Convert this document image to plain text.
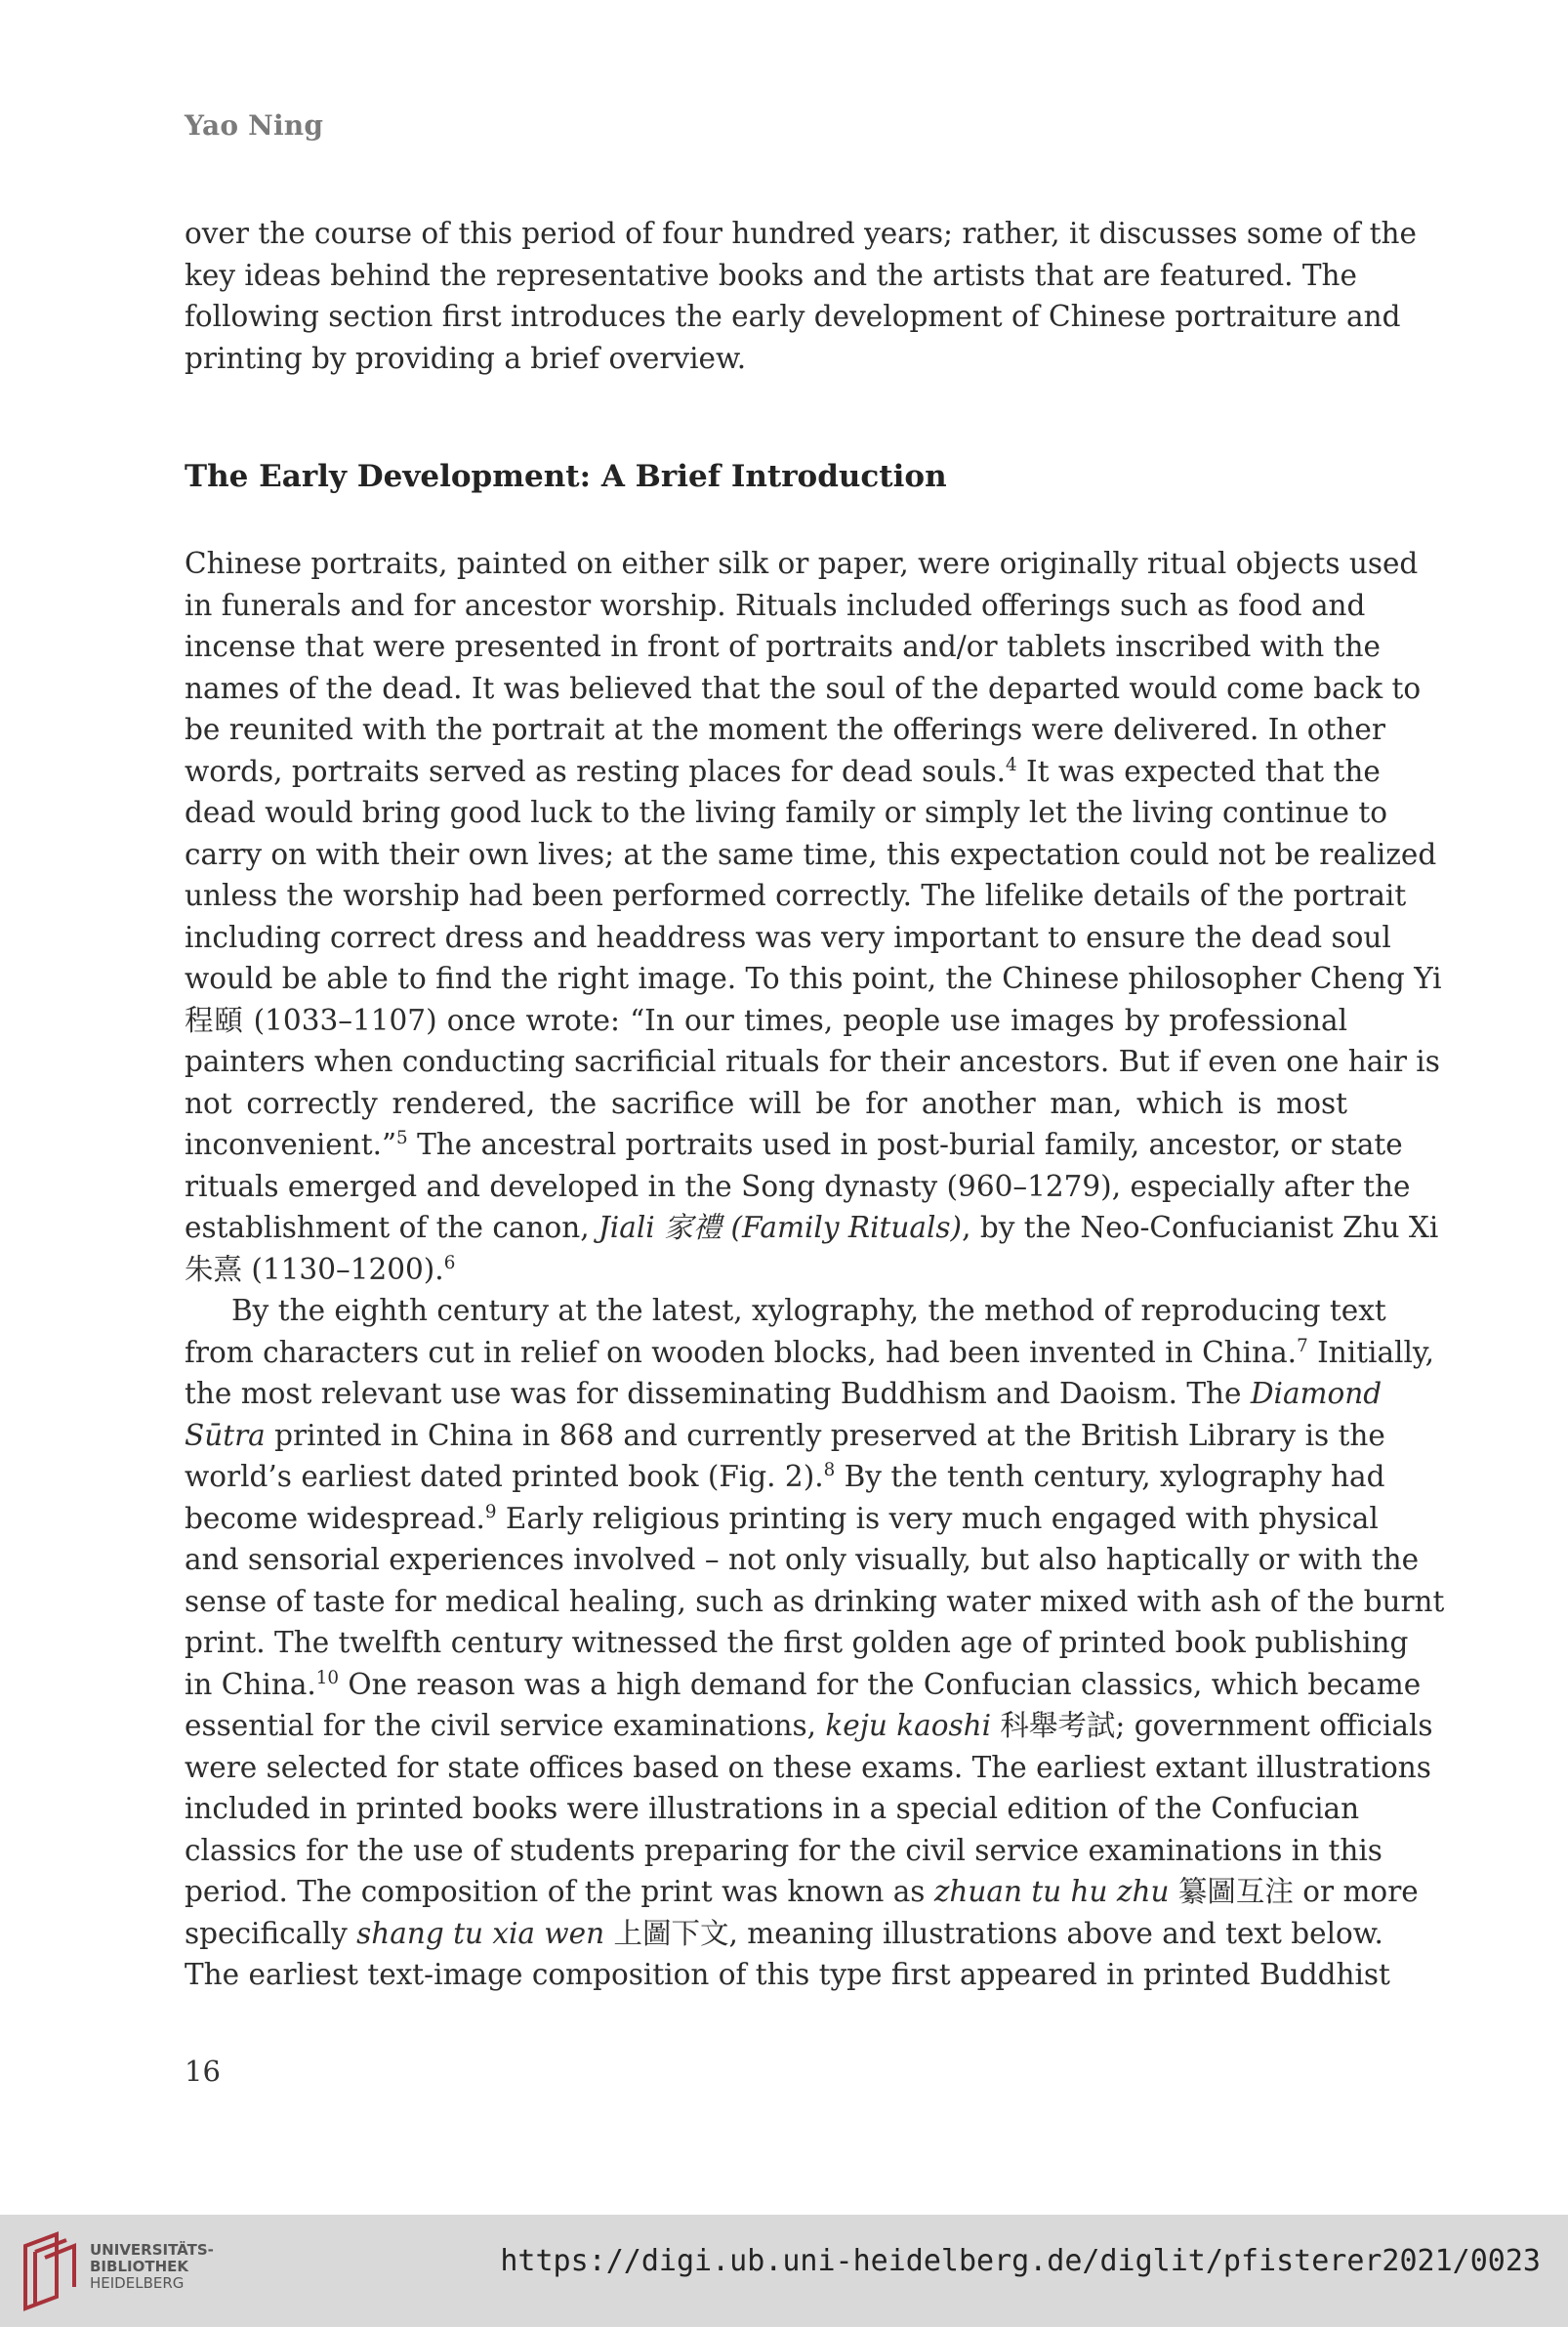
Yao Ning
over the course of this period of four hundred years; rather, it discusses some of the
key ideas behind the representative books and the artists that are featured. The
following section first introduces the early development of Chinese portraiture and
printing by providing a brief overview.
The Early Development: A Brief Introduction
Chinese portraits, painted on either silk or paper, were originally ritual objects used
in funerals and for ancestor worship. Rituals included offerings such as food and
incense that were presented in front of portraits and/or tablets inscribed with the
names of the dead. It was believed that the soul of the departed would come back to
be reunited with the portrait at the moment the offerings were delivered. In other
words, portraits served as resting places for dead souls.$^4$ It was expected that the
dead would bring good luck to the living family or simply let the living continue to
carry on with their own lives; at the same time, this expectation could not be realized
unless the worship had been performed correctly. The lifelike details of the portrait
including correct dress and headdress was very important to ensure the dead soul
would be able to find the right image. To this point, the Chinese philosopher Cheng Yi
程頤 (1033–1107) once wrote: “In our times, people use images by professional
painters when conducting sacrificial rituals for their ancestors. But if even one hair is
not correctly rendered, the sacrifice will be for another man, which is most
inconvenient.”$^5$ The ancestral portraits used in post-burial family, ancestor, or state
rituals emerged and developed in the Song dynasty (960–1279), especially after the
establishment of the canon, Jiali 家禮 (Family Rituals), by the Neo-Confucianist Zhu Xi
朱熹 (1130–1200).$^6$
By the eighth century at the latest, xylography, the method of reproducing text
from characters cut in relief on wooden blocks, had been invented in China.$^7$ Initially,
the most relevant use was for disseminating Buddhism and Daoism. The Diamond
Sūtra printed in China in 868 and currently preserved at the British Library is the
world’s earliest dated printed book (Fig. 2).$^8$ By the tenth century, xylography had
become widespread.$^9$ Early religious printing is very much engaged with physical
and sensorial experiences involved – not only visually, but also haptically or with the
sense of taste for medical healing, such as drinking water mixed with ash of the burnt
print. The twelfth century witnessed the first golden age of printed book publishing
in China.$^{10}$ One reason was a high demand for the Confucian classics, which became
essential for the civil service examinations, keju kaoshi 科舉考試; government officials
were selected for state offices based on these exams. The earliest extant illustrations
included in printed books were illustrations in a special edition of the Confucian
classics for the use of students preparing for the civil service examinations in this
period. The composition of the print was known as zhuan tu hu zhu 纂圖互注 or more
specifically shang tu xia wen 上圖下文, meaning illustrations above and text below.
The earliest text-image composition of this type first appeared in printed Buddhist
16
UNIVERSITÄTS-
BIBLIOTHEK
HEIDELBERG
https://digi.ub.uni-heidelberg.de/diglit/pfisterer2021/0023
